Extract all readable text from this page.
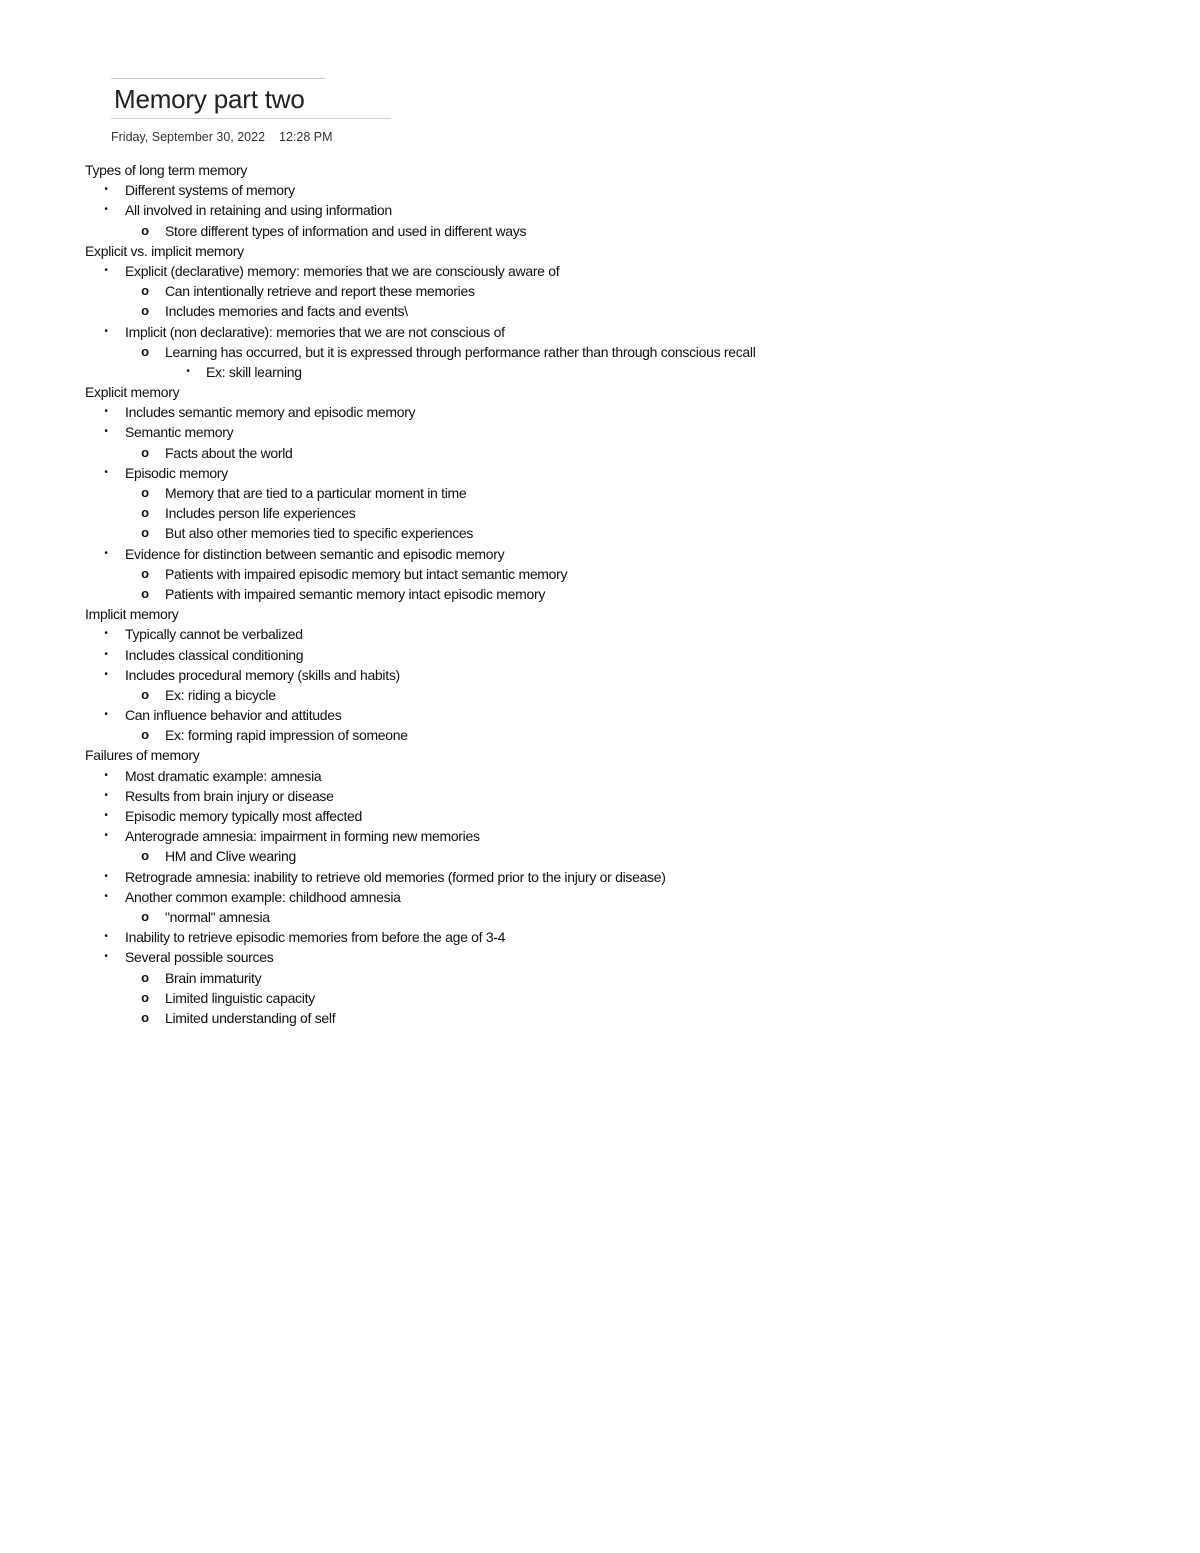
Memory part two
Friday, September 30, 2022 12:28 PM
Types of long term memory
•	Different systems of memory
•	All involved in retaining and using information
o Store different types of information and used in different ways
Explicit vs. implicit memory
•	Explicit (declarative) memory: memories that we are consciously aware of
o Can intentionally retrieve and report these memories
o Includes memories and facts and events\
•	Implicit (non declarative): memories that we are not conscious of
o Learning has occurred, but it is expressed through performance rather than through conscious recall
•	Ex: skill learning
Explicit memory
•	Includes semantic memory and episodic memory
•	Semantic memory
o Facts about the world
•	Episodic memory
o Memory that are tied to a particular moment in time
o Includes person life experiences
o But also other memories tied to specific experiences
•	Evidence for distinction between semantic and episodic memory
o Patients with impaired episodic memory but intact semantic memory
o Patients with impaired semantic memory intact episodic memory
Implicit memory
•	Typically cannot be verbalized
•	Includes classical conditioning
•	Includes procedural memory (skills and habits)
o Ex: riding a bicycle
•	Can influence behavior and attitudes
o Ex: forming rapid impression of someone
Failures of memory
•	Most dramatic example: amnesia
•	Results from brain injury or disease
•	Episodic memory typically most affected
•	Anterograde amnesia: impairment in forming new memories
o HM and Clive wearing
•	Retrograde amnesia: inability to retrieve old memories (formed prior to the injury or disease)
•	Another common example: childhood amnesia
o "normal" amnesia
•	Inability to retrieve episodic memories from before the age of 3-4
•	Several possible sources
o Brain immaturity
o Limited linguistic capacity
o Limited understanding of self
